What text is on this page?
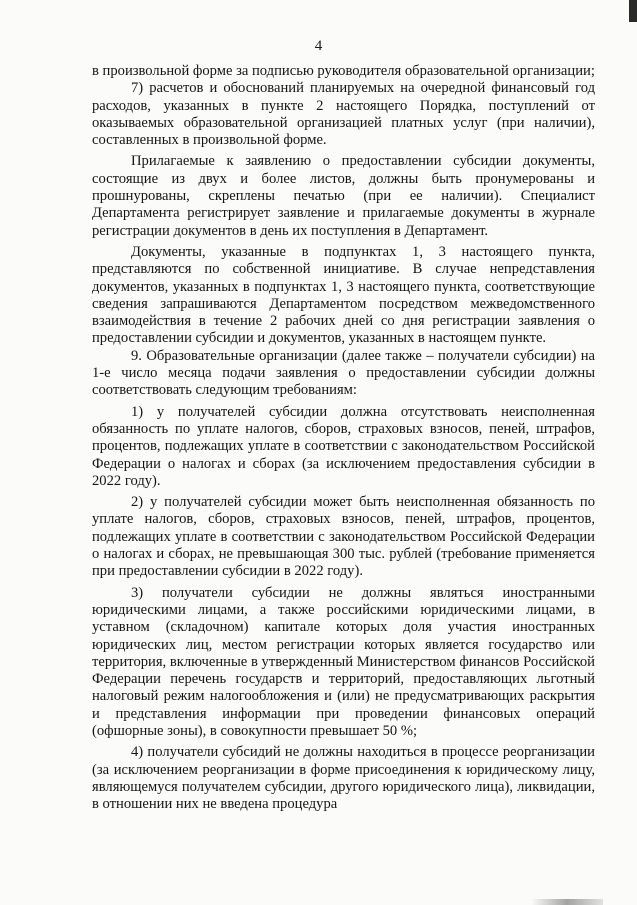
4

в произвольной форме за подписью руководителя образовательной организации;

7) расчетов и обоснований планируемых на очередной финансовый год расходов, указанных в пункте 2 настоящего Порядка, поступлений от оказываемых образовательной организацией платных услуг (при наличии), составленных в произвольной форме.

Прилагаемые к заявлению о предоставлении субсидии документы, состоящие из двух и более листов, должны быть пронумерованы и прошнурованы, скреплены печатью (при ее наличии). Специалист Департамента регистрирует заявление и прилагаемые документы в журнале регистрации документов в день их поступления в Департамент.

Документы, указанные в подпунктах 1, 3 настоящего пункта, представляются по собственной инициативе. В случае непредставления документов, указанных в подпунктах 1, 3 настоящего пункта, соответствующие сведения запрашиваются Департаментом посредством межведомственного взаимодействия в течение 2 рабочих дней со дня регистрации заявления о предоставлении субсидии и документов, указанных в настоящем пункте.

9. Образовательные организации (далее также – получатели субсидии) на 1-е число месяца подачи заявления о предоставлении субсидии должны соответствовать следующим требованиям:

1) у получателей субсидии должна отсутствовать неисполненная обязанность по уплате налогов, сборов, страховых взносов, пеней, штрафов, процентов, подлежащих уплате в соответствии с законодательством Российской Федерации о налогах и сборах (за исключением предоставления субсидии в 2022 году).

2) у получателей субсидии может быть неисполненная обязанность по уплате налогов, сборов, страховых взносов, пеней, штрафов, процентов, подлежащих уплате в соответствии с законодательством Российской Федерации о налогах и сборах, не превышающая 300 тыс. рублей (требование применяется при предоставлении субсидии в 2022 году).

3) получатели субсидии не должны являться иностранными юридическими лицами, а также российскими юридическими лицами, в уставном (складочном) капитале которых доля участия иностранных юридических лиц, местом регистрации которых является государство или территория, включенные в утвержденный Министерством финансов Российской Федерации перечень государств и территорий, предоставляющих льготный налоговый режим налогообложения и (или) не предусматривающих раскрытия и представления информации при проведении финансовых операций (офшорные зоны), в совокупности превышает 50 %;

4) получатели субсидий не должны находиться в процессе реорганизации (за исключением реорганизации в форме присоединения к юридическому лицу, являющемуся получателем субсидии, другого юридического лица), ликвидации, в отношении них не введена процедура
